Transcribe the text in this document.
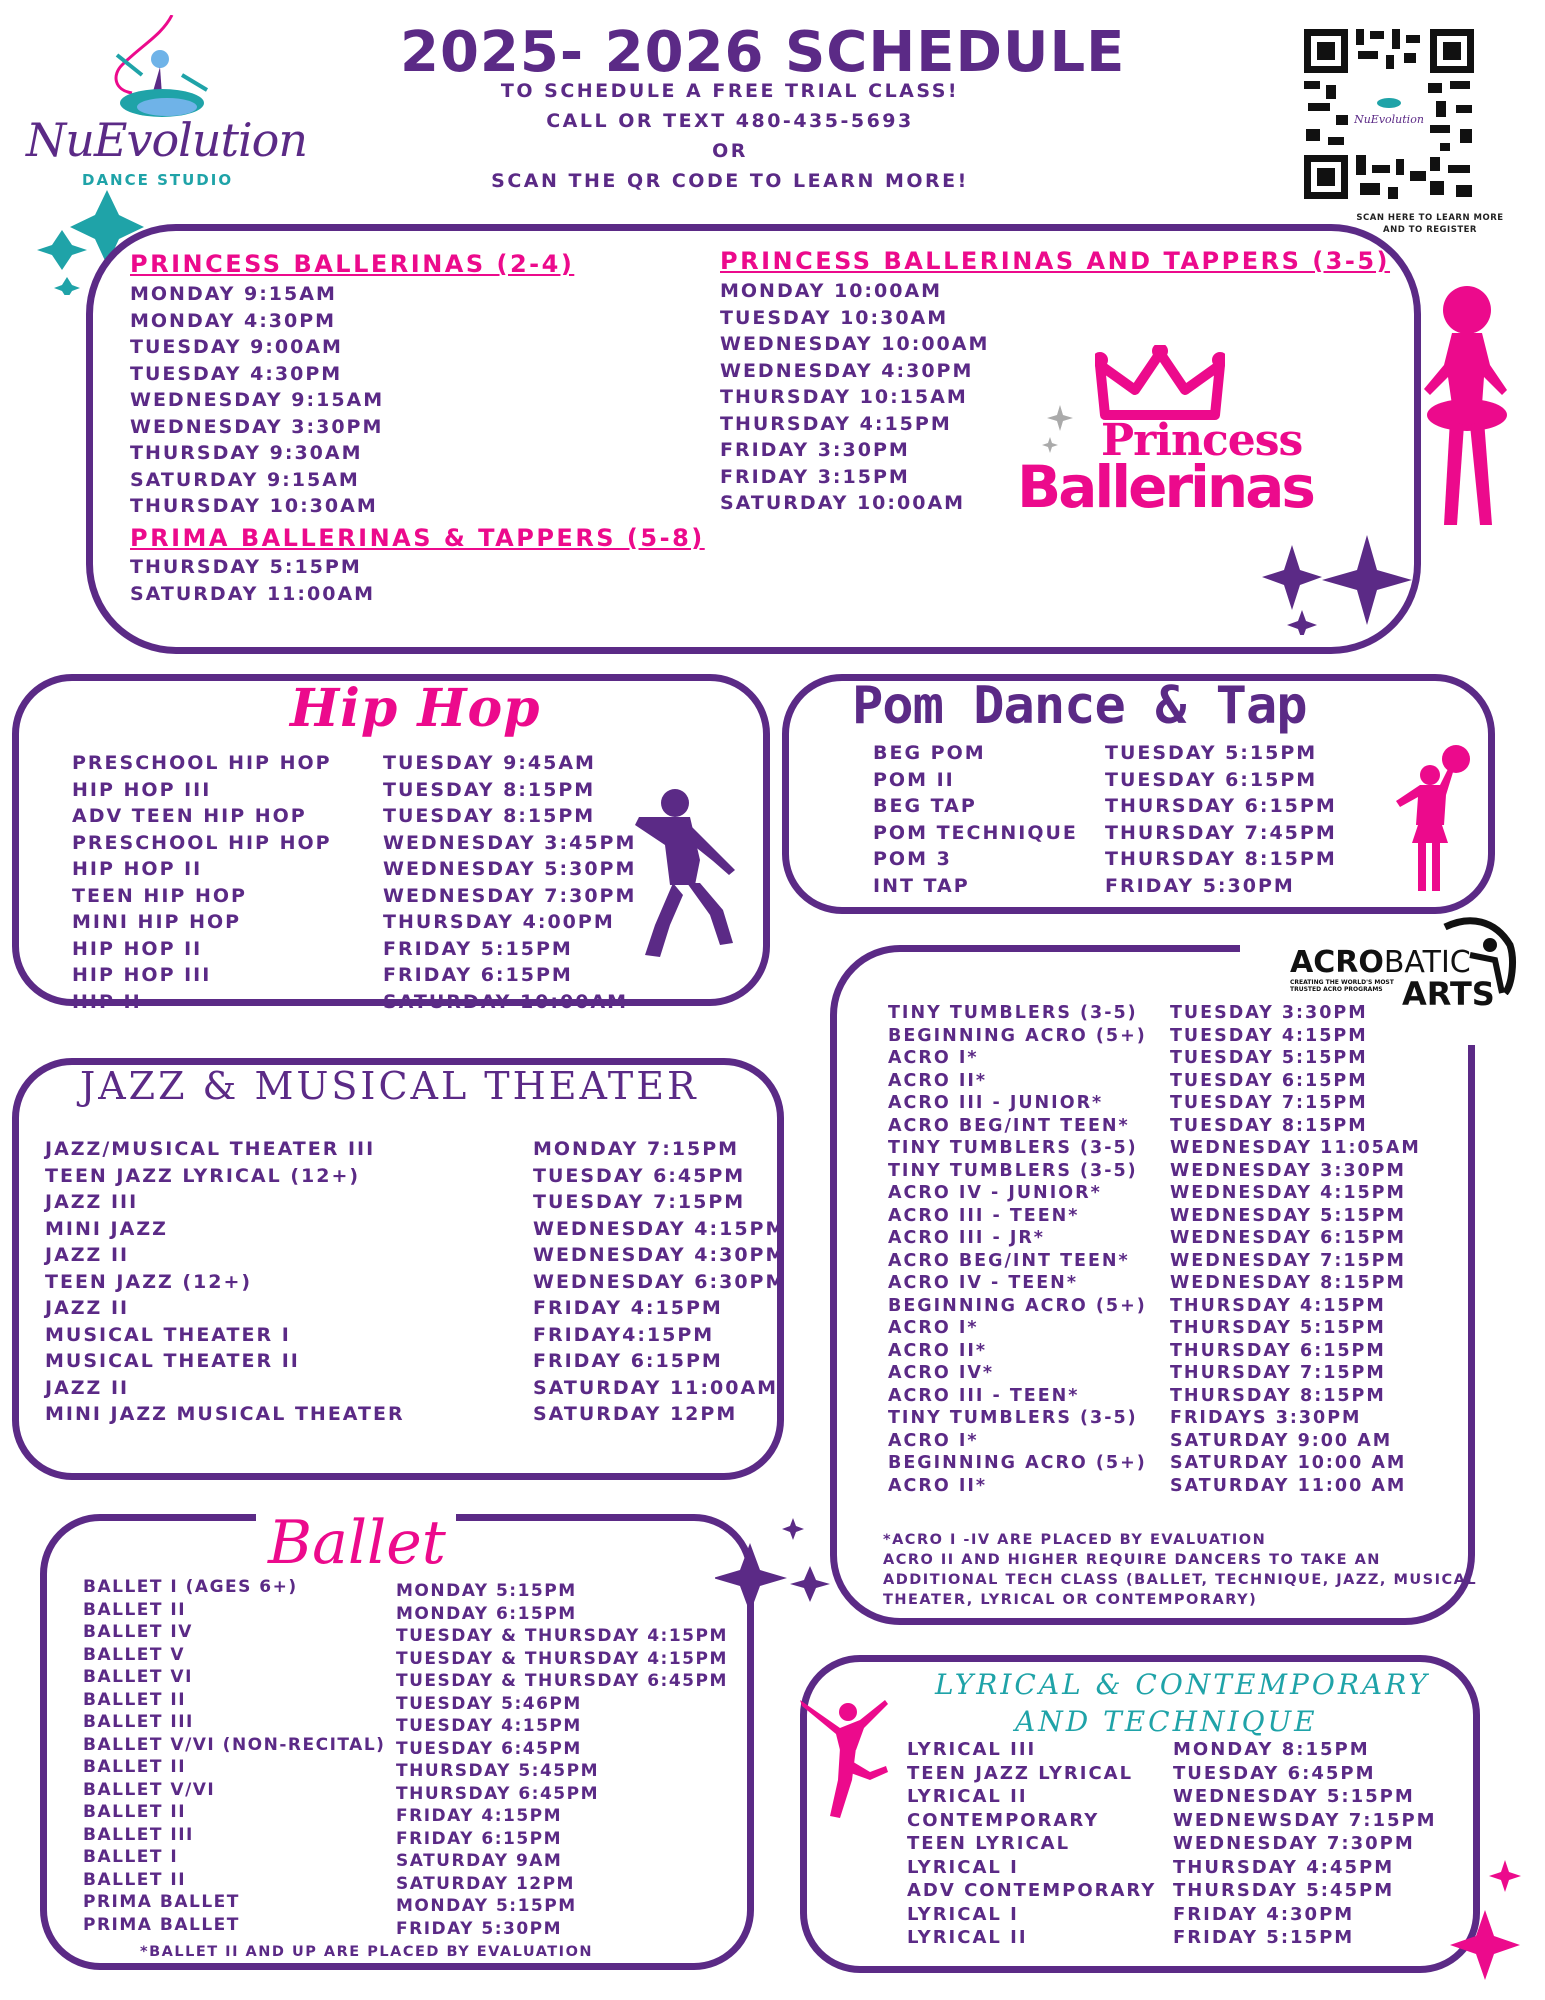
NuEvolution
DANCE STUDIO
2025- 2026 SCHEDULE
TO SCHEDULE A FREE TRIAL CLASS!
CALL OR TEXT 480-435-5693
OR
SCAN THE QR CODE TO LEARN MORE!
NuEvolution
SCAN HERE TO LEARN MORE AND TO REGISTER
PRINCESS BALLERINAS (2-4)
MONDAY 9:15AM
MONDAY 4:30PM
TUESDAY 9:00AM
TUESDAY 4:30PM
WEDNESDAY 9:15AM
WEDNESDAY 3:30PM
THURSDAY 9:30AM
SATURDAY 9:15AM
THURSDAY 10:30AM
PRIMA BALLERINAS & TAPPERS (5-8)
THURSDAY 5:15PM
SATURDAY 11:00AM
PRINCESS BALLERINAS AND TAPPERS (3-5)
MONDAY 10:00AM
TUESDAY 10:30AM
WEDNESDAY 10:00AM
WEDNESDAY 4:30PM
THURSDAY 10:15AM
THURSDAY 4:15PM
FRIDAY 3:30PM
FRIDAY 3:15PM
SATURDAY 10:00AM
Princess
Ballerinas
Hip Hop
PRESCHOOL HIP HOP
HIP HOP III
ADV TEEN HIP HOP
PRESCHOOL HIP HOP
HIP HOP II
TEEN HIP HOP
MINI HIP HOP
HIP HOP II
HIP HOP III
HIP II
TUESDAY 9:45AM
TUESDAY 8:15PM
TUESDAY 8:15PM
WEDNESDAY 3:45PM
WEDNESDAY 5:30PM
WEDNESDAY 7:30PM
THURSDAY 4:00PM
FRIDAY 5:15PM
FRIDAY 6:15PM
SATURDAY 10:00AM
Pom Dance & Tap
BEG POM
POM II
BEG TAP
POM TECHNIQUE
POM 3
INT TAP
TUESDAY 5:15PM
TUESDAY 6:15PM
THURSDAY 6:15PM
THURSDAY 7:45PM
THURSDAY 8:15PM
FRIDAY 5:30PM
JAZZ & MUSICAL THEATER
JAZZ/MUSICAL THEATER III
TEEN JAZZ LYRICAL (12+)
JAZZ III
MINI JAZZ
JAZZ II
TEEN JAZZ (12+)
JAZZ II
MUSICAL THEATER I
MUSICAL THEATER II
JAZZ II
MINI JAZZ MUSICAL THEATER
MONDAY 7:15PM
TUESDAY 6:45PM
TUESDAY 7:15PM
WEDNESDAY 4:15PM
WEDNESDAY 4:30PM
WEDNESDAY 6:30PM
FRIDAY 4:15PM
FRIDAY4:15PM
FRIDAY 6:15PM
SATURDAY 11:00AM
SATURDAY 12PM
ACROBATIC
CREATING THE WORLD'S MOST TRUSTED ACRO PROGRAMS ARTS
TINY TUMBLERS (3-5)
BEGINNING ACRO (5+)
ACRO I*
ACRO II*
ACRO III - JUNIOR*
ACRO BEG/INT TEEN*
TINY TUMBLERS (3-5)
TINY TUMBLERS (3-5)
ACRO IV - JUNIOR*
ACRO III - TEEN*
ACRO III - JR*
ACRO BEG/INT TEEN*
ACRO IV - TEEN*
BEGINNING ACRO (5+)
ACRO I*
ACRO II*
ACRO IV*
ACRO III - TEEN*
TINY TUMBLERS (3-5)
ACRO I*
BEGINNING ACRO (5+)
ACRO II*
TUESDAY 3:30PM
TUESDAY 4:15PM
TUESDAY 5:15PM
TUESDAY 6:15PM
TUESDAY 7:15PM
TUESDAY 8:15PM
WEDNESDAY 11:05AM
WEDNESDAY 3:30PM
WEDNESDAY 4:15PM
WEDNESDAY 5:15PM
WEDNESDAY 6:15PM
WEDNESDAY 7:15PM
WEDNESDAY 8:15PM
THURSDAY 4:15PM
THURSDAY 5:15PM
THURSDAY 6:15PM
THURSDAY 7:15PM
THURSDAY 8:15PM
FRIDAYS 3:30PM
SATURDAY 9:00 AM
SATURDAY 10:00 AM
SATURDAY 11:00 AM
*ACRO I -IV ARE PLACED BY EVALUATION
ACRO II AND HIGHER REQUIRE DANCERS TO TAKE AN
ADDITIONAL TECH CLASS (BALLET, TECHNIQUE, JAZZ, MUSICAL
THEATER, LYRICAL OR CONTEMPORARY)
Ballet
BALLET I (AGES 6+)
BALLET II
BALLET IV
BALLET V
BALLET VI
BALLET II
BALLET III
BALLET V/VI (NON-RECITAL)
BALLET II
BALLET V/VI
BALLET II
BALLET III
BALLET I
BALLET II
PRIMA BALLET
PRIMA BALLET
MONDAY 5:15PM
MONDAY 6:15PM
TUESDAY & THURSDAY 4:15PM
TUESDAY & THURSDAY 4:15PM
TUESDAY & THURSDAY 6:45PM
TUESDAY 5:46PM
TUESDAY 4:15PM
TUESDAY 6:45PM
THURSDAY 5:45PM
THURSDAY 6:45PM
FRIDAY 4:15PM
FRIDAY 6:15PM
SATURDAY 9AM
SATURDAY 12PM
MONDAY 5:15PM
FRIDAY 5:30PM
*BALLET II AND UP ARE PLACED BY EVALUATION
LYRICAL & CONTEMPORARY
AND TECHNIQUE
LYRICAL III
TEEN JAZZ LYRICAL
LYRICAL II
CONTEMPORARY
TEEN LYRICAL
LYRICAL I
ADV CONTEMPORARY
LYRICAL I
LYRICAL II
MONDAY 8:15PM
TUESDAY 6:45PM
WEDNESDAY 5:15PM
WEDNEWSDAY 7:15PM
WEDNESDAY 7:30PM
THURSDAY 4:45PM
THURSDAY 5:45PM
FRIDAY 4:30PM
FRIDAY 5:15PM
